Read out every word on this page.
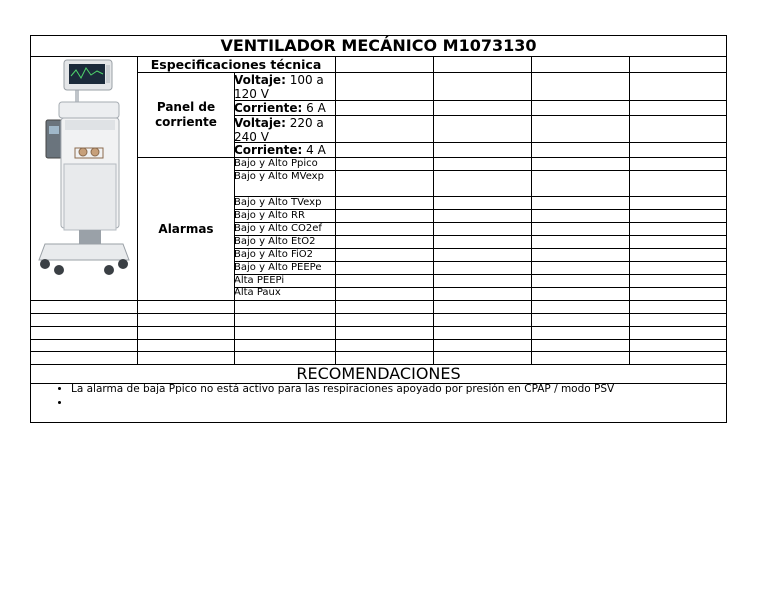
VENTILADOR MECÁNICO M1073130
Especificaciones técnica
Panel de corriente
Alarmas
Voltaje: 100 a 120 V
Corriente: 6 A
Voltaje: 220 a 240 V
Corriente: 4 A
Bajo y Alto Ppico
Bajo y Alto MVexp
Bajo y Alto TVexp
Bajo y Alto RR
Bajo y Alto CO2ef
Bajo y Alto EtO2
Bajo y Alto FiO2
Bajo y Alto PEEPe
Alta PEEPi
Alta Paux
RECOMENDACIONES
• La alarma de baja Ppico no está activo para las respiraciones apoyado por presión en CPAP / modo PSV
•
